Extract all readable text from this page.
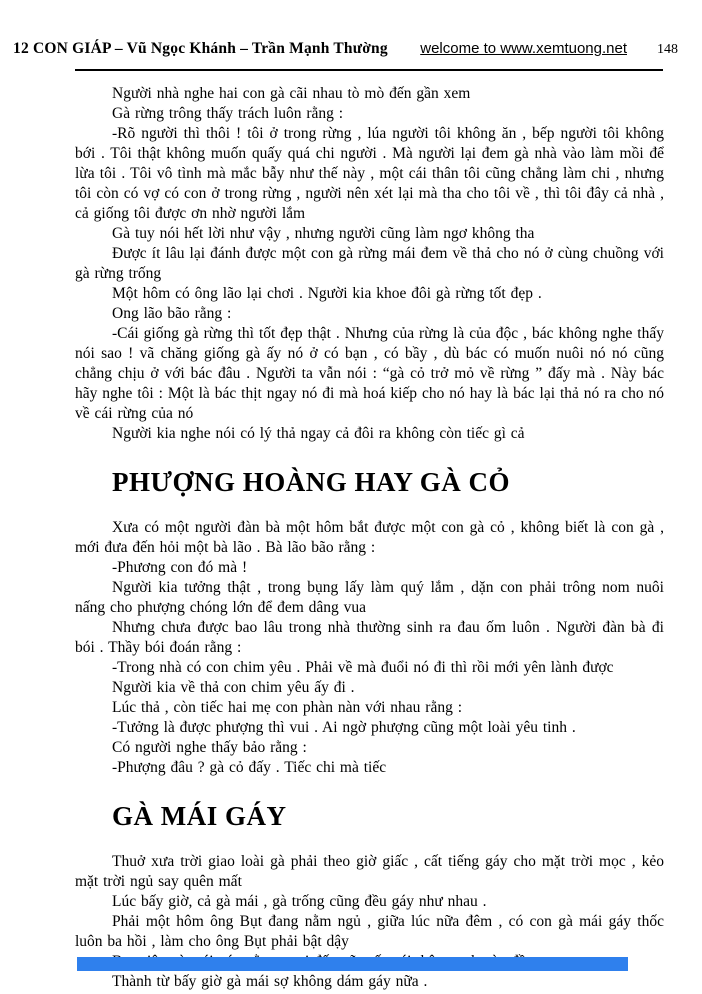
12 CON GIÁP – Vũ Ngọc Khánh – Trần Mạnh Thường welcome to www.xemtuong.net 148

Người nhà nghe hai con gà cãi nhau tò mò đến gần xem

Gà rừng trông thấy trách luôn rằng :

-Rõ người thì thôi ! tôi ở trong rừng , lúa người tôi không ăn , bếp người tôi không bới . Tôi thật không muốn quấy quá chi người . Mà người lại đem gà nhà vào làm mồi để lừa tôi . Tôi vô tình mà mắc bẫy như thế này , một cái thân tôi cũng chẳng làm chi , nhưng tôi còn có vợ có con ở trong rừng , người nên xét lại mà tha cho tôi về , thì tôi đây cả nhà , cả giống tôi được ơn nhờ người lắm

Gà tuy nói hết lời như vậy , nhưng người cũng làm ngơ không tha

Được ít lâu lại đánh được một con gà rừng mái đem về thả cho nó ở cùng chuồng với gà rừng trống

Một hôm có ông lão lại chơi . Người kia khoe đôi gà rừng tốt đẹp .

Ong lão bão rằng :

-Cái giống gà rừng thì tốt đẹp thật . Nhưng của rừng là của độc , bác không nghe thấy nói sao ! vã chăng giống gà ấy nó ở có bạn , có bầy , dù bác có muốn nuôi nó nó cũng chẳng chịu ở với bác đâu . Người ta vẫn nói : “gà cỏ trở mỏ về rừng ” đấy mà . Này bác hãy nghe tôi : Một là bác thịt ngay nó đi mà hoá kiếp cho nó hay là bác lại thả nó ra cho nó về cái rừng của nó

Người kia nghe nói có lý thả ngay cả đôi ra không còn tiếc gì cả

PHƯỢNG HOÀNG HAY GÀ CỎ

Xưa có một người đàn bà một hôm bắt được một con gà cỏ , không biết là con gà , mới đưa đến hỏi một bà lão . Bà lão bão rằng :

-Phương con đó mà !

Người kia tưởng thật , trong bụng lấy làm quý lắm , dặn con phải trông nom nuôi nấng cho phượng chóng lớn để đem dâng vua

Nhưng chưa được bao lâu trong nhà thường sinh ra đau ốm luôn . Người đàn bà đi bói . Thầy bói đoán rằng :

-Trong nhà có con chim yêu . Phải về mà đuổi nó đi thì rồi mới yên lành được

Người kia về thả con chim yêu ấy đi .

Lúc thả , còn tiếc hai mẹ con phàn nàn với nhau rằng :

-Tưởng là được phượng thì vui . Ai ngờ phượng cũng một loài yêu tinh .

Có người nghe thấy bảo rằng :

-Phượng đâu ? gà cỏ đấy . Tiếc chi mà tiếc

GÀ MÁI GÁY

Thuở xưa trời giao loài gà phải theo giờ giấc , cất tiếng gáy cho mặt trời mọc , kẻo mặt trời ngủ say quên mất

Lúc bấy giờ, cả gà mái , gà trống cũng đều gáy như nhau .

Phải một hôm ông Bụt đang nằm ngủ , giữa lúc nữa đêm , có con gà mái gáy thốc luôn ba hồi , làm cho ông Bụt phải bật dậy

Thành từ bấy giờ gà mái sợ không dám gáy nữa .
